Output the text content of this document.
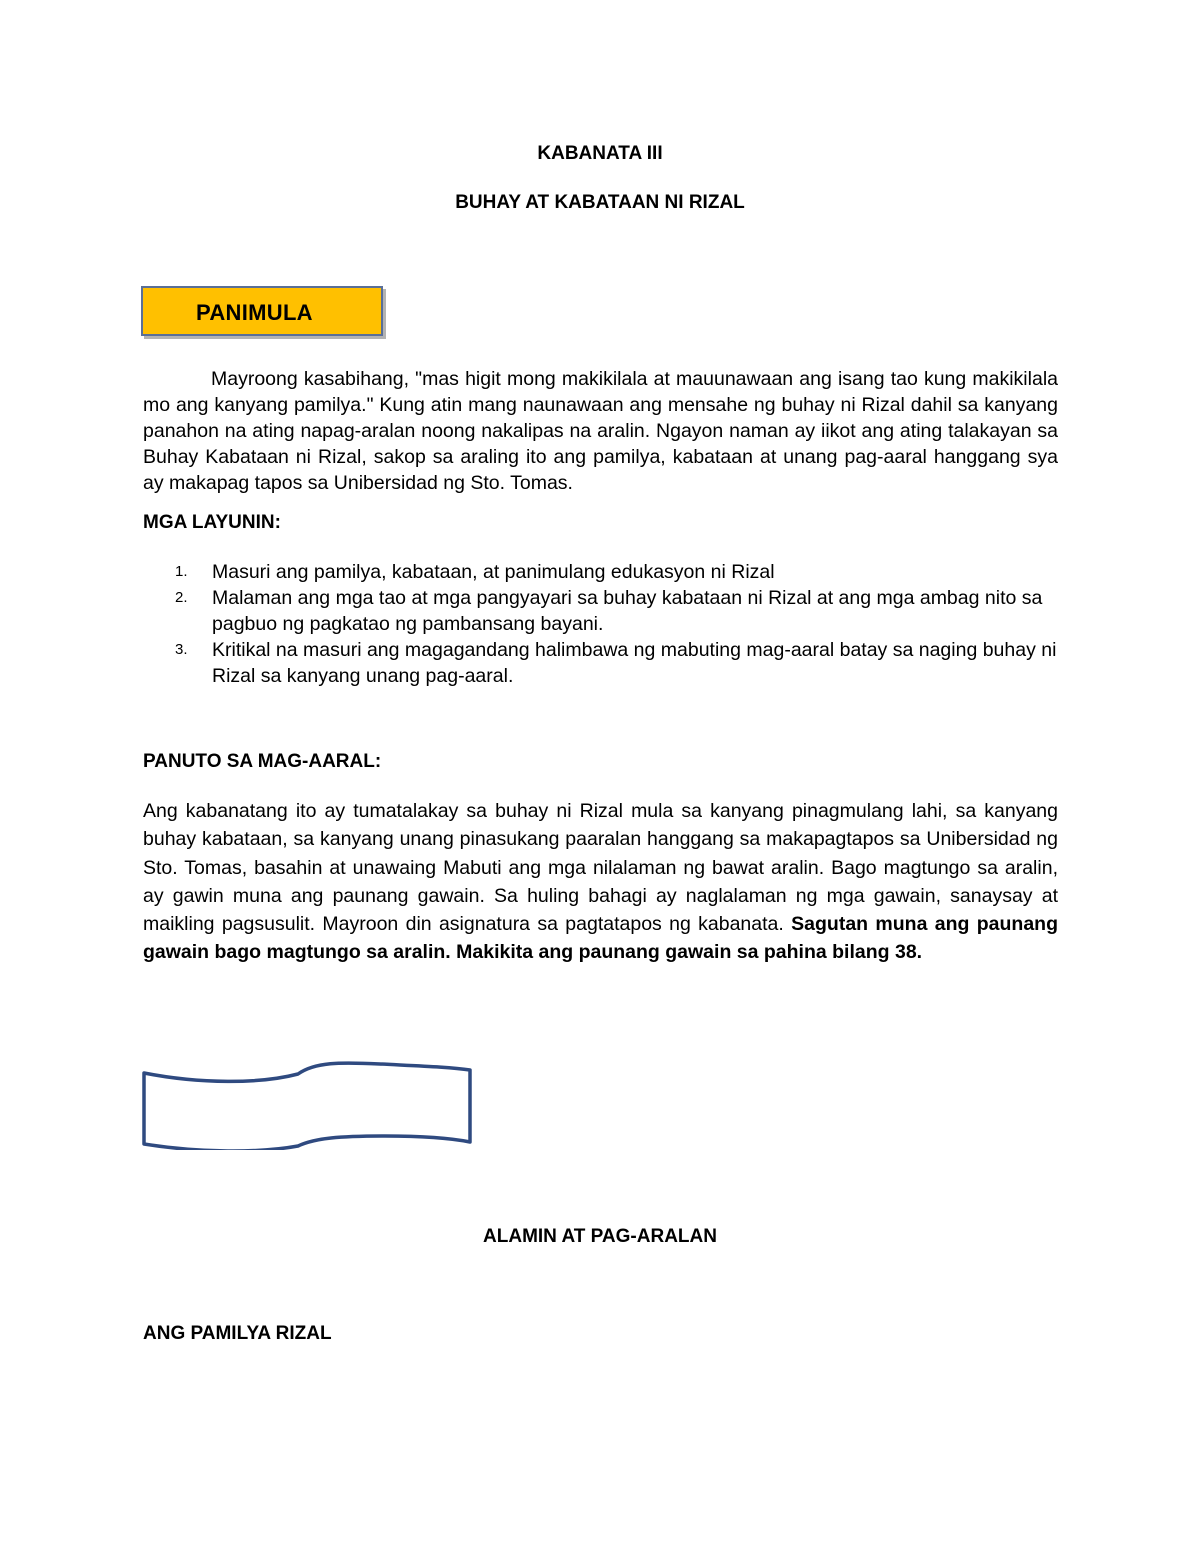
KABANATA III
BUHAY AT KABATAAN NI RIZAL
PANIMULA
Mayroong kasabihang, "mas higit mong makikilala at mauunawaan ang isang tao kung makikilala mo ang kanyang pamilya." Kung atin mang naunawaan ang mensahe ng buhay ni Rizal dahil sa kanyang panahon na ating napag-aralan noong nakalipas na aralin. Ngayon naman ay iikot ang ating talakayan sa Buhay Kabataan ni Rizal, sakop sa araling ito ang pamilya, kabataan at unang pag-aaral hanggang sya ay makapag tapos sa Unibersidad ng Sto. Tomas.
MGA LAYUNIN:
1. Masuri ang pamilya, kabataan, at panimulang edukasyon ni Rizal
2. Malaman ang mga tao at mga pangyayari sa buhay kabataan ni Rizal at ang mga ambag nito sa pagbuo ng pagkatao ng pambansang bayani.
3. Kritikal na masuri ang magagandang halimbawa ng mabuting mag-aaral batay sa naging buhay ni Rizal sa kanyang unang pag-aaral.
PANUTO SA MAG-AARAL:
Ang kabanatang ito ay tumatalakay sa buhay ni Rizal mula sa kanyang pinagmulang lahi, sa kanyang buhay kabataan, sa kanyang unang pinasukang paaralan hanggang sa makapagtapos sa Unibersidad ng Sto. Tomas, basahin at unawaing Mabuti ang mga nilalaman ng bawat aralin. Bago magtungo sa aralin, ay gawin muna ang paunang gawain. Sa huling bahagi ay naglalaman ng mga gawain, sanaysay at maikling pagsusulit. Mayroon din asignatura sa pagtatapos ng kabanata. Sagutan muna ang paunang gawain bago magtungo sa aralin. Makikita ang paunang gawain sa pahina bilang 38.
ALAMIN AT PAG-ARALAN
ANG PAMILYA RIZAL
